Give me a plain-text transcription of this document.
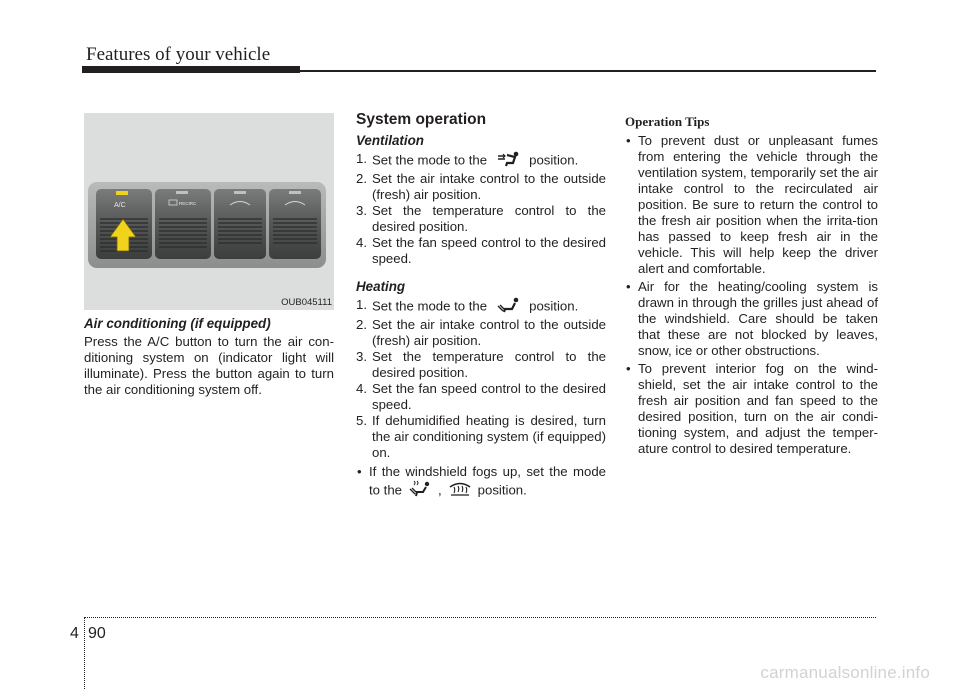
Features of your vehicle
A/C	RECIRC
OUB045111

Air conditioning (if equipped)

Press the A/C button to turn the air con-ditioning system on (indicator light will illuminate). Press the button again to turn the air conditioning system off.

System operation

Ventilation

1. Set the mode to the	position.

2. Set the air intake control to the outside (fresh) air position.

3. Set the temperature control to the desired position.

4. Set the fan speed control to the desired speed.

Heating

1. Set the mode to the	position.

2. Set the air intake control to the outside (fresh) air position.

3. Set the temperature control to the desired position.

4. Set the fan speed control to the desired speed.

5. If dehumidified heating is desired, turn the air conditioning system (if equipped) on.

• If the windshield fogs up, set the mode to the	,	position.

Operation Tips

• To prevent dust or unpleasant fumes from entering the vehicle through the ventilation system, temporarily set the air intake control to the recirculated air position. Be sure to return the control to the fresh air position when the irrita-tion has passed to keep fresh air in the vehicle. This will help keep the driver alert and comfortable.

• Air for the heating/cooling system is drawn in through the grilles just ahead of the windshield. Care should be taken that these are not blocked by leaves, snow, ice or other obstructions.

• To prevent interior fog on the wind-shield, set the air intake control to the fresh air position and fan speed to the desired position, turn on the air condi-tioning system, and adjust the temper-ature control to desired temperature.

4 90
carmanualsonline.info
